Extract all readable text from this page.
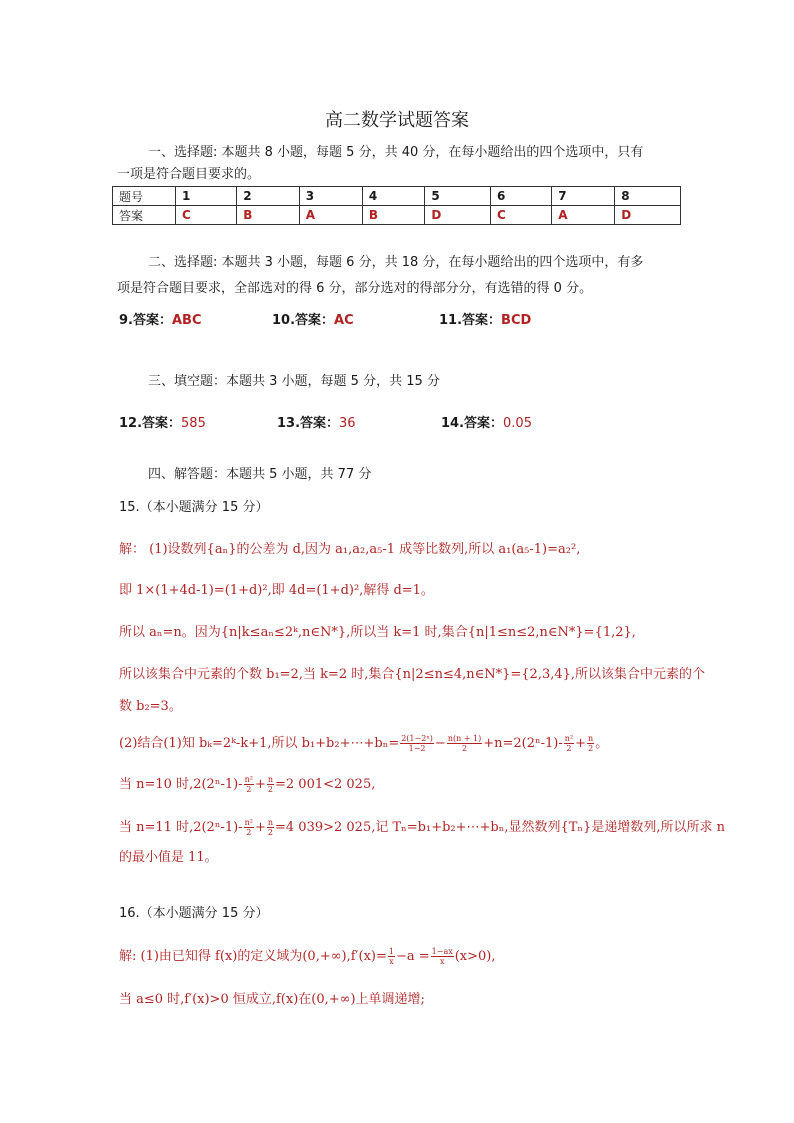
高二数学试题答案
一、选择题: 本题共 8 小题，每题 5 分，共 40 分，在每小题给出的四个选项中，只有
一项是符合题目要求的。
题号	1	2	3	4	5	6	7	8
答案	C	B	A	B	D	C	A	D
二、选择题: 本题共 3 小题，每题 6 分，共 18 分，在每小题给出的四个选项中，有多
项是符合题目要求，全部选对的得 6 分，部分选对的得部分分，有选错的得 0 分。
9.答案：ABC	10.答案：AC	11.答案：BCD
三、填空题：本题共 3 小题，每题 5 分，共 15 分
12.答案：585	13.答案：36	14.答案：0.05
四、解答题：本题共 5 小题，共 77 分
15.（本小题满分 15 分）
解： (1)设数列{aₙ}的公差为 d,因为 a₁,a₂,a₅-1 成等比数列,所以 a₁(a₅-1)=a₂²,
即 1×(1+4d-1)=(1+d)²,即 4d=(1+d)²,解得 d=1。
所以 aₙ=n。因为{n|k≤aₙ≤2ᵏ,n∈N*},所以当 k=1 时,集合{n|1≤n≤2,n∈N*}={1,2},
所以该集合中元素的个数 b₁=2,当 k=2 时,集合{n|2≤n≤4,n∈N*}={2,3,4},所以该集合中元素的个
数 b₂=3。
(2)结合(1)知 bₖ=2ᵏ-k+1,所以 b₁+b₂+⋯+bₙ= $\frac{\text{2(1−2ⁿ)}}{1-2} - \frac{n(n + 1)}{2} +n=2(2^n-1)- \frac{\text{n²}}{2} + \frac{n}{2}$ 。
当 n=10 时$,2(2^n-1)- \frac{\text{n²}}{2} + \frac{n}{2} =2$ 001<2 025,
当 n=11 时$,2(2^n-1)- \frac{\text{n²}}{2} + \frac{n}{2} =4$ 039>2 025,记 Tₙ=b₁+b₂+⋯+bₙ,显然数列{Tₙ}是递增数列,所以所求 n
的最小值是 11。
16.（本小题满分 15 分）
解: (1)由已知得 f(x)的定义域为$(0,+\infty),f'(x)= \frac{1}{x} -a = \frac{1-ax}{x} (x>0)$,
当 a≤0 时,f′(x)>0 恒成立,f(x)在(0,+∞)上单调递增;
